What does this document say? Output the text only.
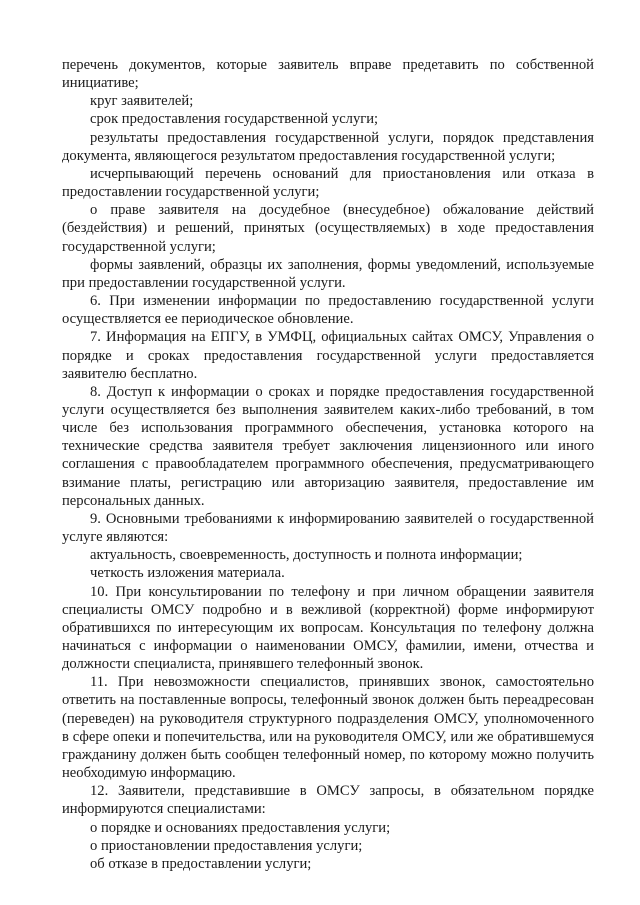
перечень документов, которые заявитель вправе предетавить по собственной инициативе;

круг заявителей;

срок предоставления государственной услуги;

результаты предоставления государственной услуги, порядок представления документа, являющегося результатом предоставления государственной услуги;

исчерпывающий перечень оснований для приостановления или отказа в предоставлении государственной услуги;

о праве заявителя на досудебное (внесудебное) обжалование действий (бездействия) и решений, принятых (осуществляемых) в ходе предоставления государственной услуги;

формы заявлений, образцы их заполнения, формы уведомлений, используемые при предоставлении государственной услуги.

6. При изменении информации по предоставлению государственной услуги осуществляется ее периодическое обновление.

7. Информация на ЕПГУ, в УМФЦ, официальных сайтах ОМСУ, Управления о порядке и сроках предоставления государственной услуги предоставляется заявителю бесплатно.

8. Доступ к информации о сроках и порядке предоставления государственной услуги осуществляется без выполнения заявителем каких-либо требований, в том числе без использования программного обеспечения, установка которого на технические средства заявителя требует заключения лицензионного или иного соглашения с правообладателем программного обеспечения, предусматривающего взимание платы, регистрацию или авторизацию заявителя, предоставление им персональных данных.

9. Основными требованиями к информированию заявителей о государственной услуге являются:

актуальность, своевременность, доступность и полнота информации;

четкость изложения материала.

10. При консультировании по телефону и при личном обращении заявителя специалисты ОМСУ подробно и в вежливой (корректной) форме информируют обратившихся по интересующим их вопросам. Консультация по телефону должна начинаться с информации о наименовании ОМСУ, фамилии, имени, отчества и должности специалиста, принявшего телефонный звонок.

11. При невозможности специалистов, принявших звонок, самостоятельно ответить на поставленные вопросы, телефонный звонок должен быть переадресован (переведен) на руководителя структурного подразделения ОМСУ, уполномоченного в сфере опеки и попечительства, или на руководителя ОМСУ, или же обратившемуся гражданину должен быть сообщен телефонный номер, по которому можно получить необходимую информацию.

12. Заявители, представившие в ОМСУ запросы, в обязательном порядке информируются специалистами:

о порядке и основаниях предоставления услуги;

о приостановлении предоставления услуги;

об отказе в предоставлении услуги;
